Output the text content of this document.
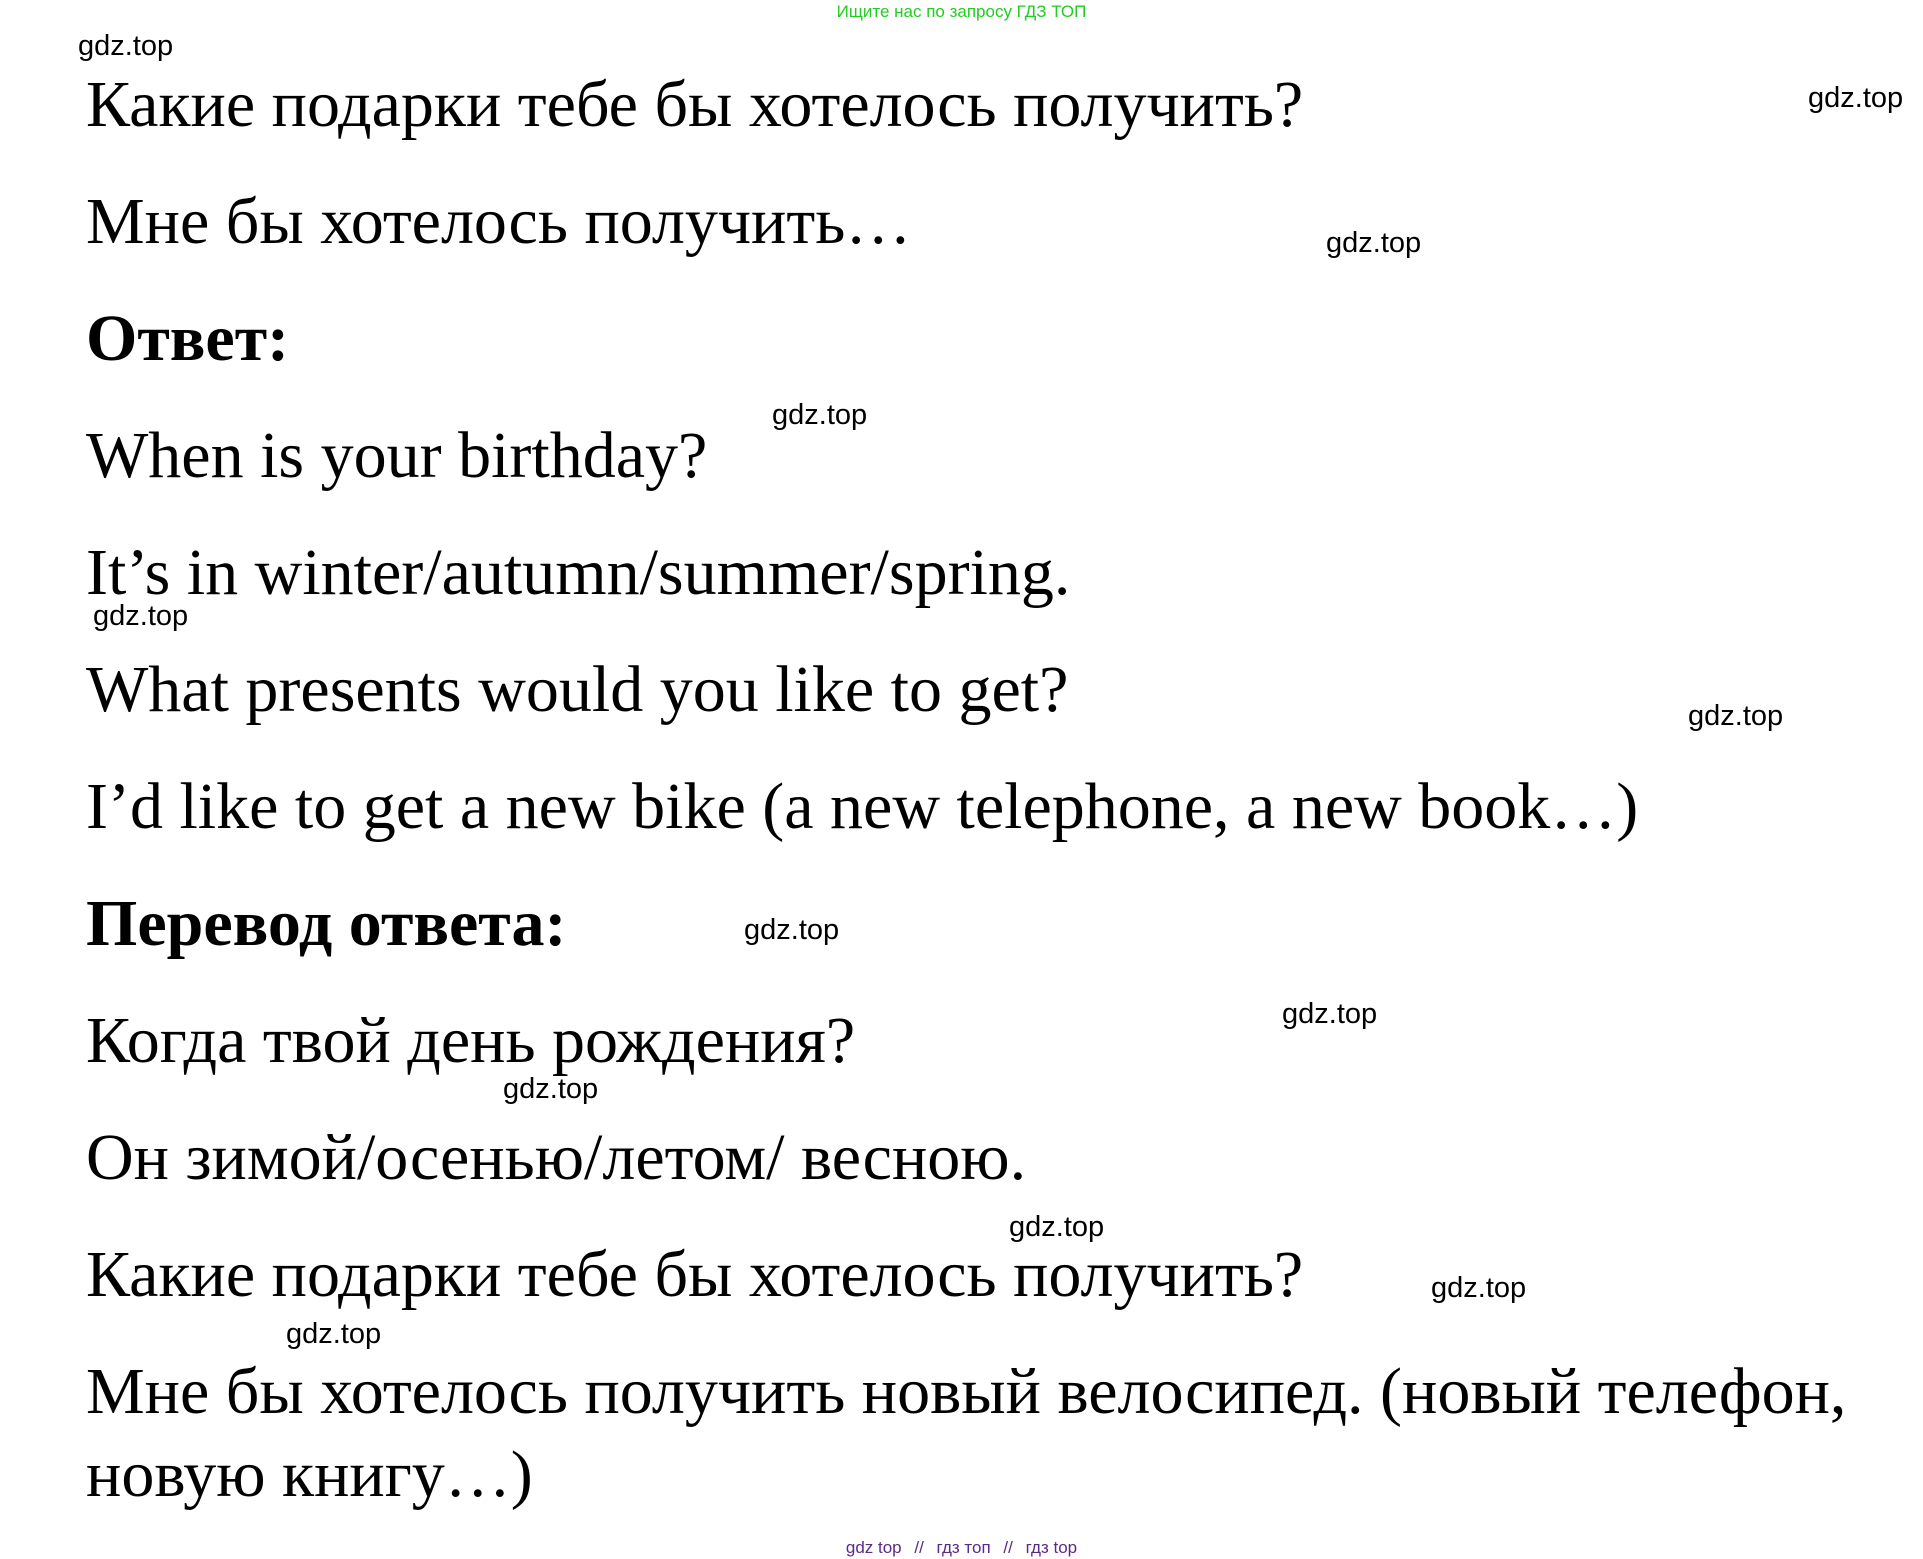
Ищите нас по запросу ГДЗ ТОП
gdz.top
gdz.top
gdz.top
gdz.top
gdz.top
gdz.top
gdz.top
gdz.top
gdz.top
gdz.top
gdz.top
gdz.top
Какие подарки тебе бы хотелось получить?
Мне бы хотелось получить…
Ответ:
When is your birthday?
It’s in winter/autumn/summer/spring.
What presents would you like to get?
I’d like to get a new bike (a new telephone, a new book…)
Перевод ответа:
Когда твой день рождения?
Он зимой/осенью/летом/ весною.
Какие подарки тебе бы хотелось получить?
Мне бы хотелось получить новый велосипед. (новый телефон,
новую книгу…)
gdz top // гдз топ // гдз top
